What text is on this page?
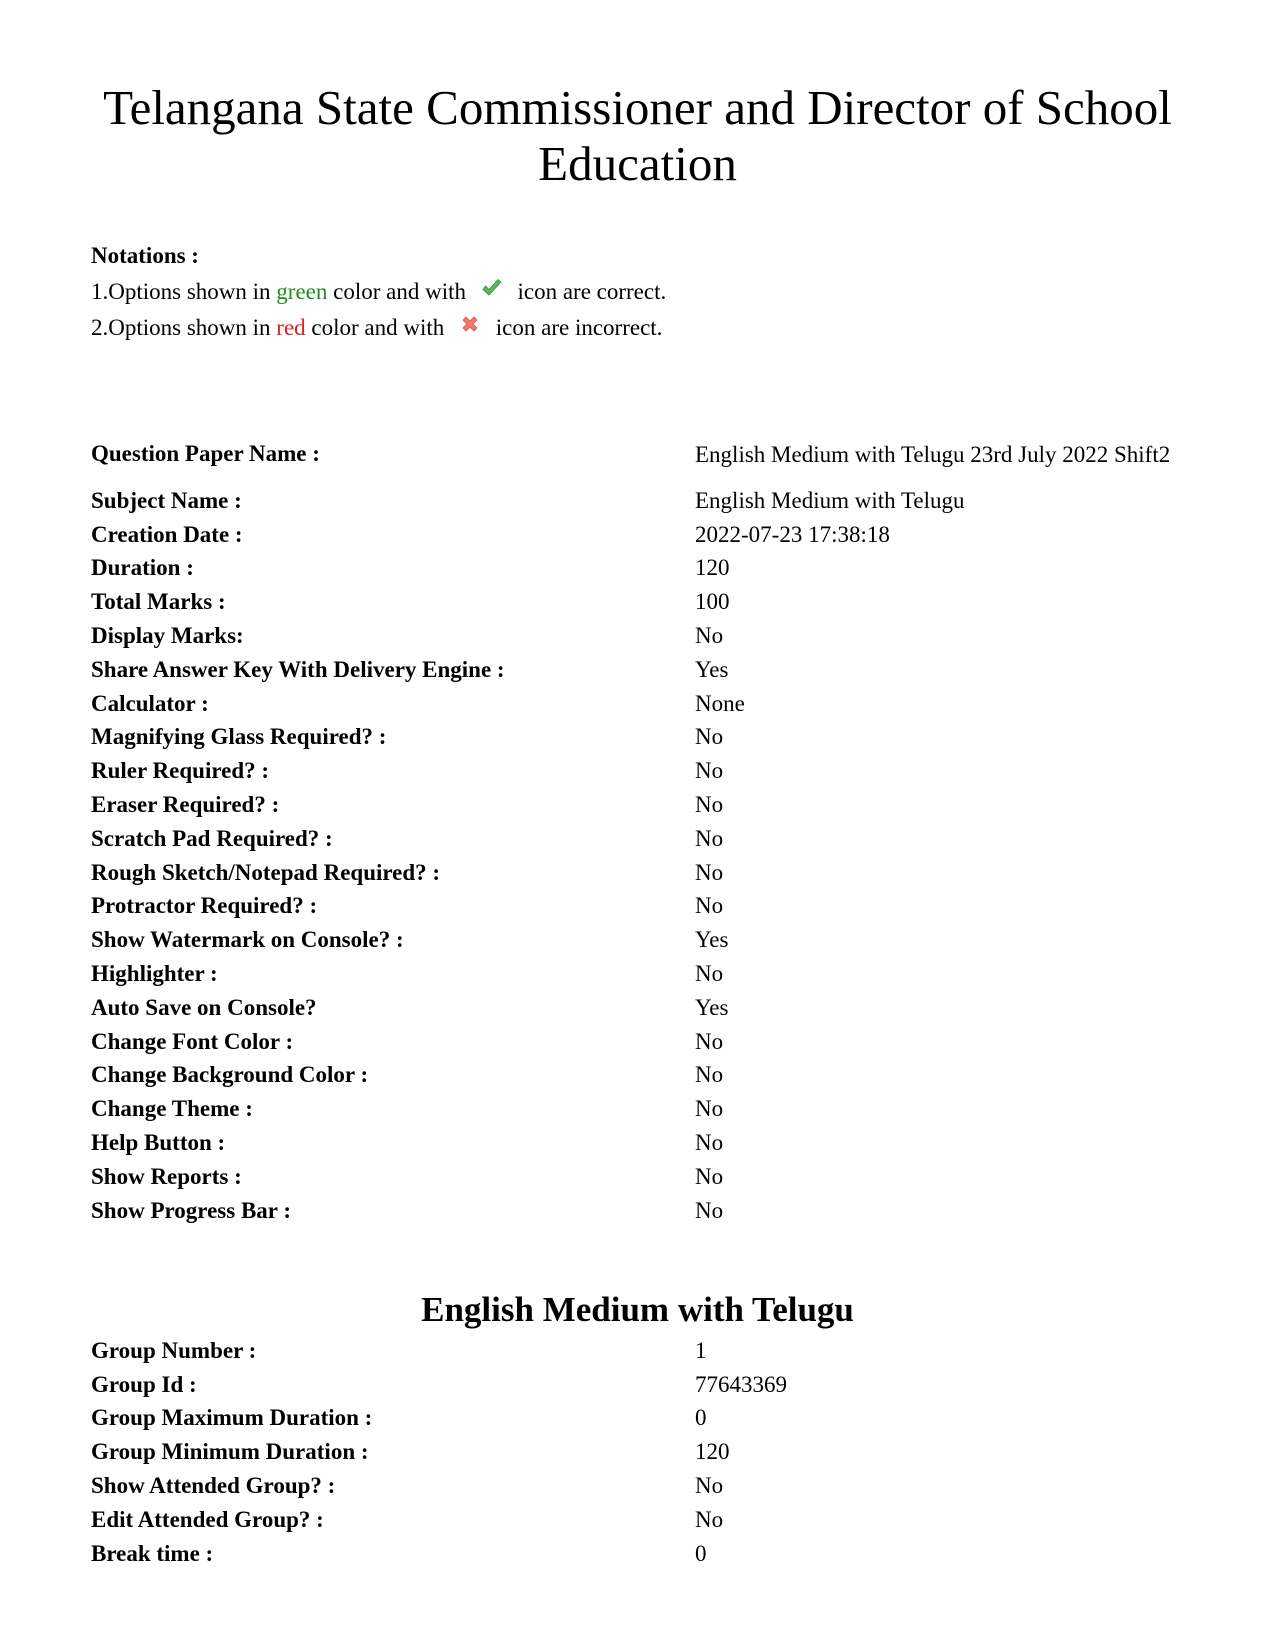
Telangana State Commissioner and Director of School Education
Notations :
1.Options shown in green color and with icon are correct.
2.Options shown in red color and with icon are incorrect.
Question Paper Name :	English Medium with Telugu 23rd July 2022 Shift2
Subject Name :	English Medium with Telugu
Creation Date :	2022-07-23 17:38:18
Duration :	120
Total Marks :	100
Display Marks:	No
Share Answer Key With Delivery Engine :	Yes
Calculator :	None
Magnifying Glass Required? :	No
Ruler Required? :	No
Eraser Required? :	No
Scratch Pad Required? :	No
Rough Sketch/Notepad Required? :	No
Protractor Required? :	No
Show Watermark on Console? :	Yes
Highlighter :	No
Auto Save on Console?	Yes
Change Font Color :	No
Change Background Color :	No
Change Theme :	No
Help Button :	No
Show Reports :	No
Show Progress Bar :	No
English Medium with Telugu
Group Number :	1
Group Id :	77643369
Group Maximum Duration :	0
Group Minimum Duration :	120
Show Attended Group? :	No
Edit Attended Group? :	No
Break time :	0
